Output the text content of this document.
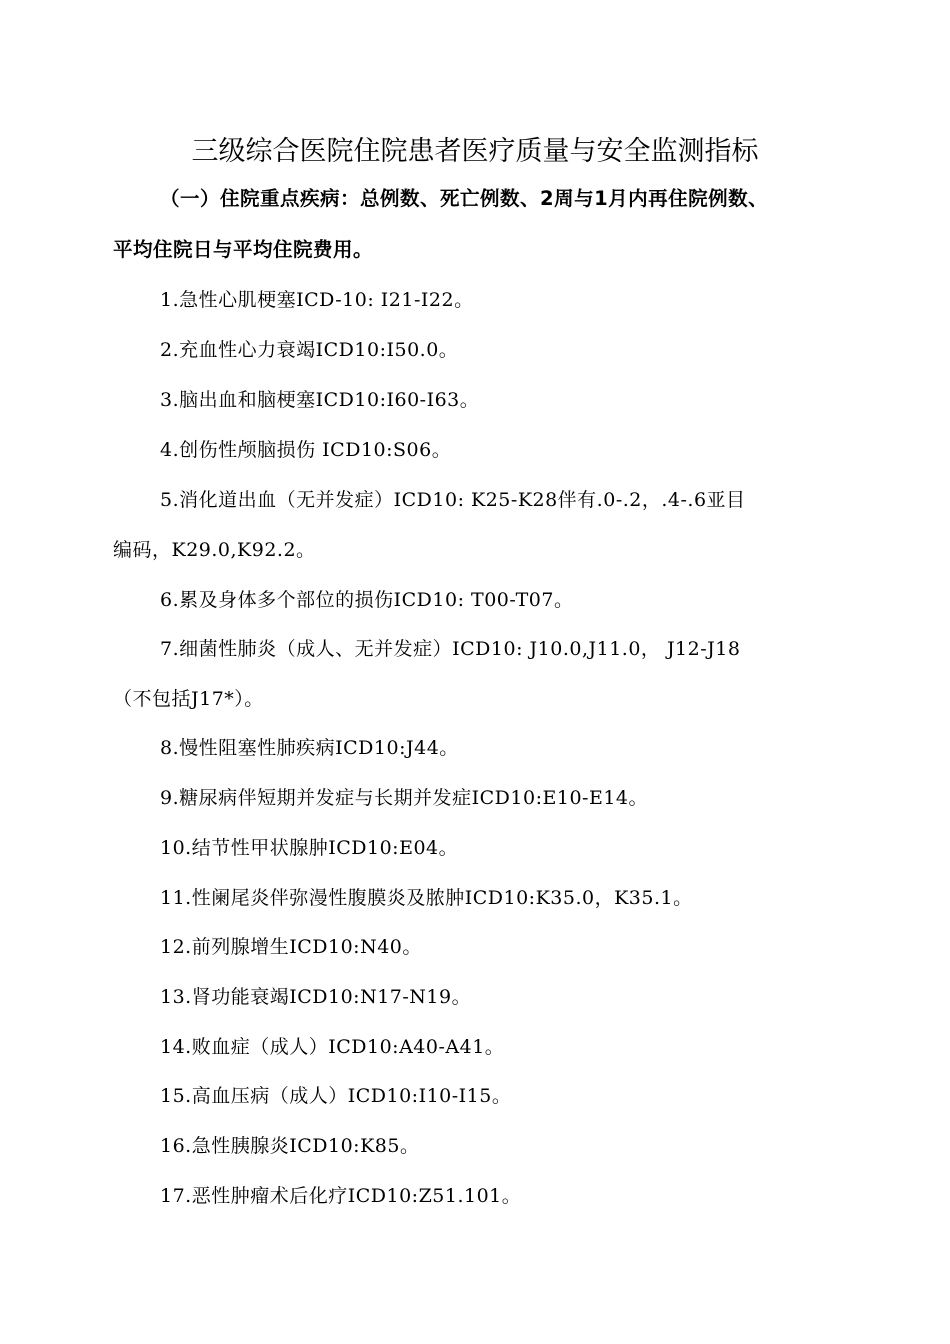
三级综合医院住院患者医疗质量与安全监测指标
（一）住院重点疾病：总例数、死亡例数、2周与1月内再住院例数、
平均住院日与平均住院费用。
1.急性心肌梗塞ICD-10: I21-I22。
2.充血性心力衰竭ICD10:I50.0。
3.脑出血和脑梗塞ICD10:I60-I63。
4.创伤性颅脑损伤 ICD10:S06。
5.消化道出血（无并发症）ICD10: K25-K28伴有.0-.2，.4-.6亚目
编码，K29.0,K92.2。
6.累及身体多个部位的损伤ICD10: T00-T07。
7.细菌性肺炎（成人、无并发症）ICD10: J10.0,J11.0， J12-J18
（不包括J17*）。
8.慢性阻塞性肺疾病ICD10:J44。
9.糖尿病伴短期并发症与长期并发症ICD10:E10-E14。
10.结节性甲状腺肿ICD10:E04。
11.性阑尾炎伴弥漫性腹膜炎及脓肿ICD10:K35.0，K35.1。
12.前列腺增生ICD10:N40。
13.肾功能衰竭ICD10:N17-N19。
14.败血症（成人）ICD10:A40-A41。
15.高血压病（成人）ICD10:I10-I15。
16.急性胰腺炎ICD10:K85。
17.恶性肿瘤术后化疗ICD10:Z51.101。
